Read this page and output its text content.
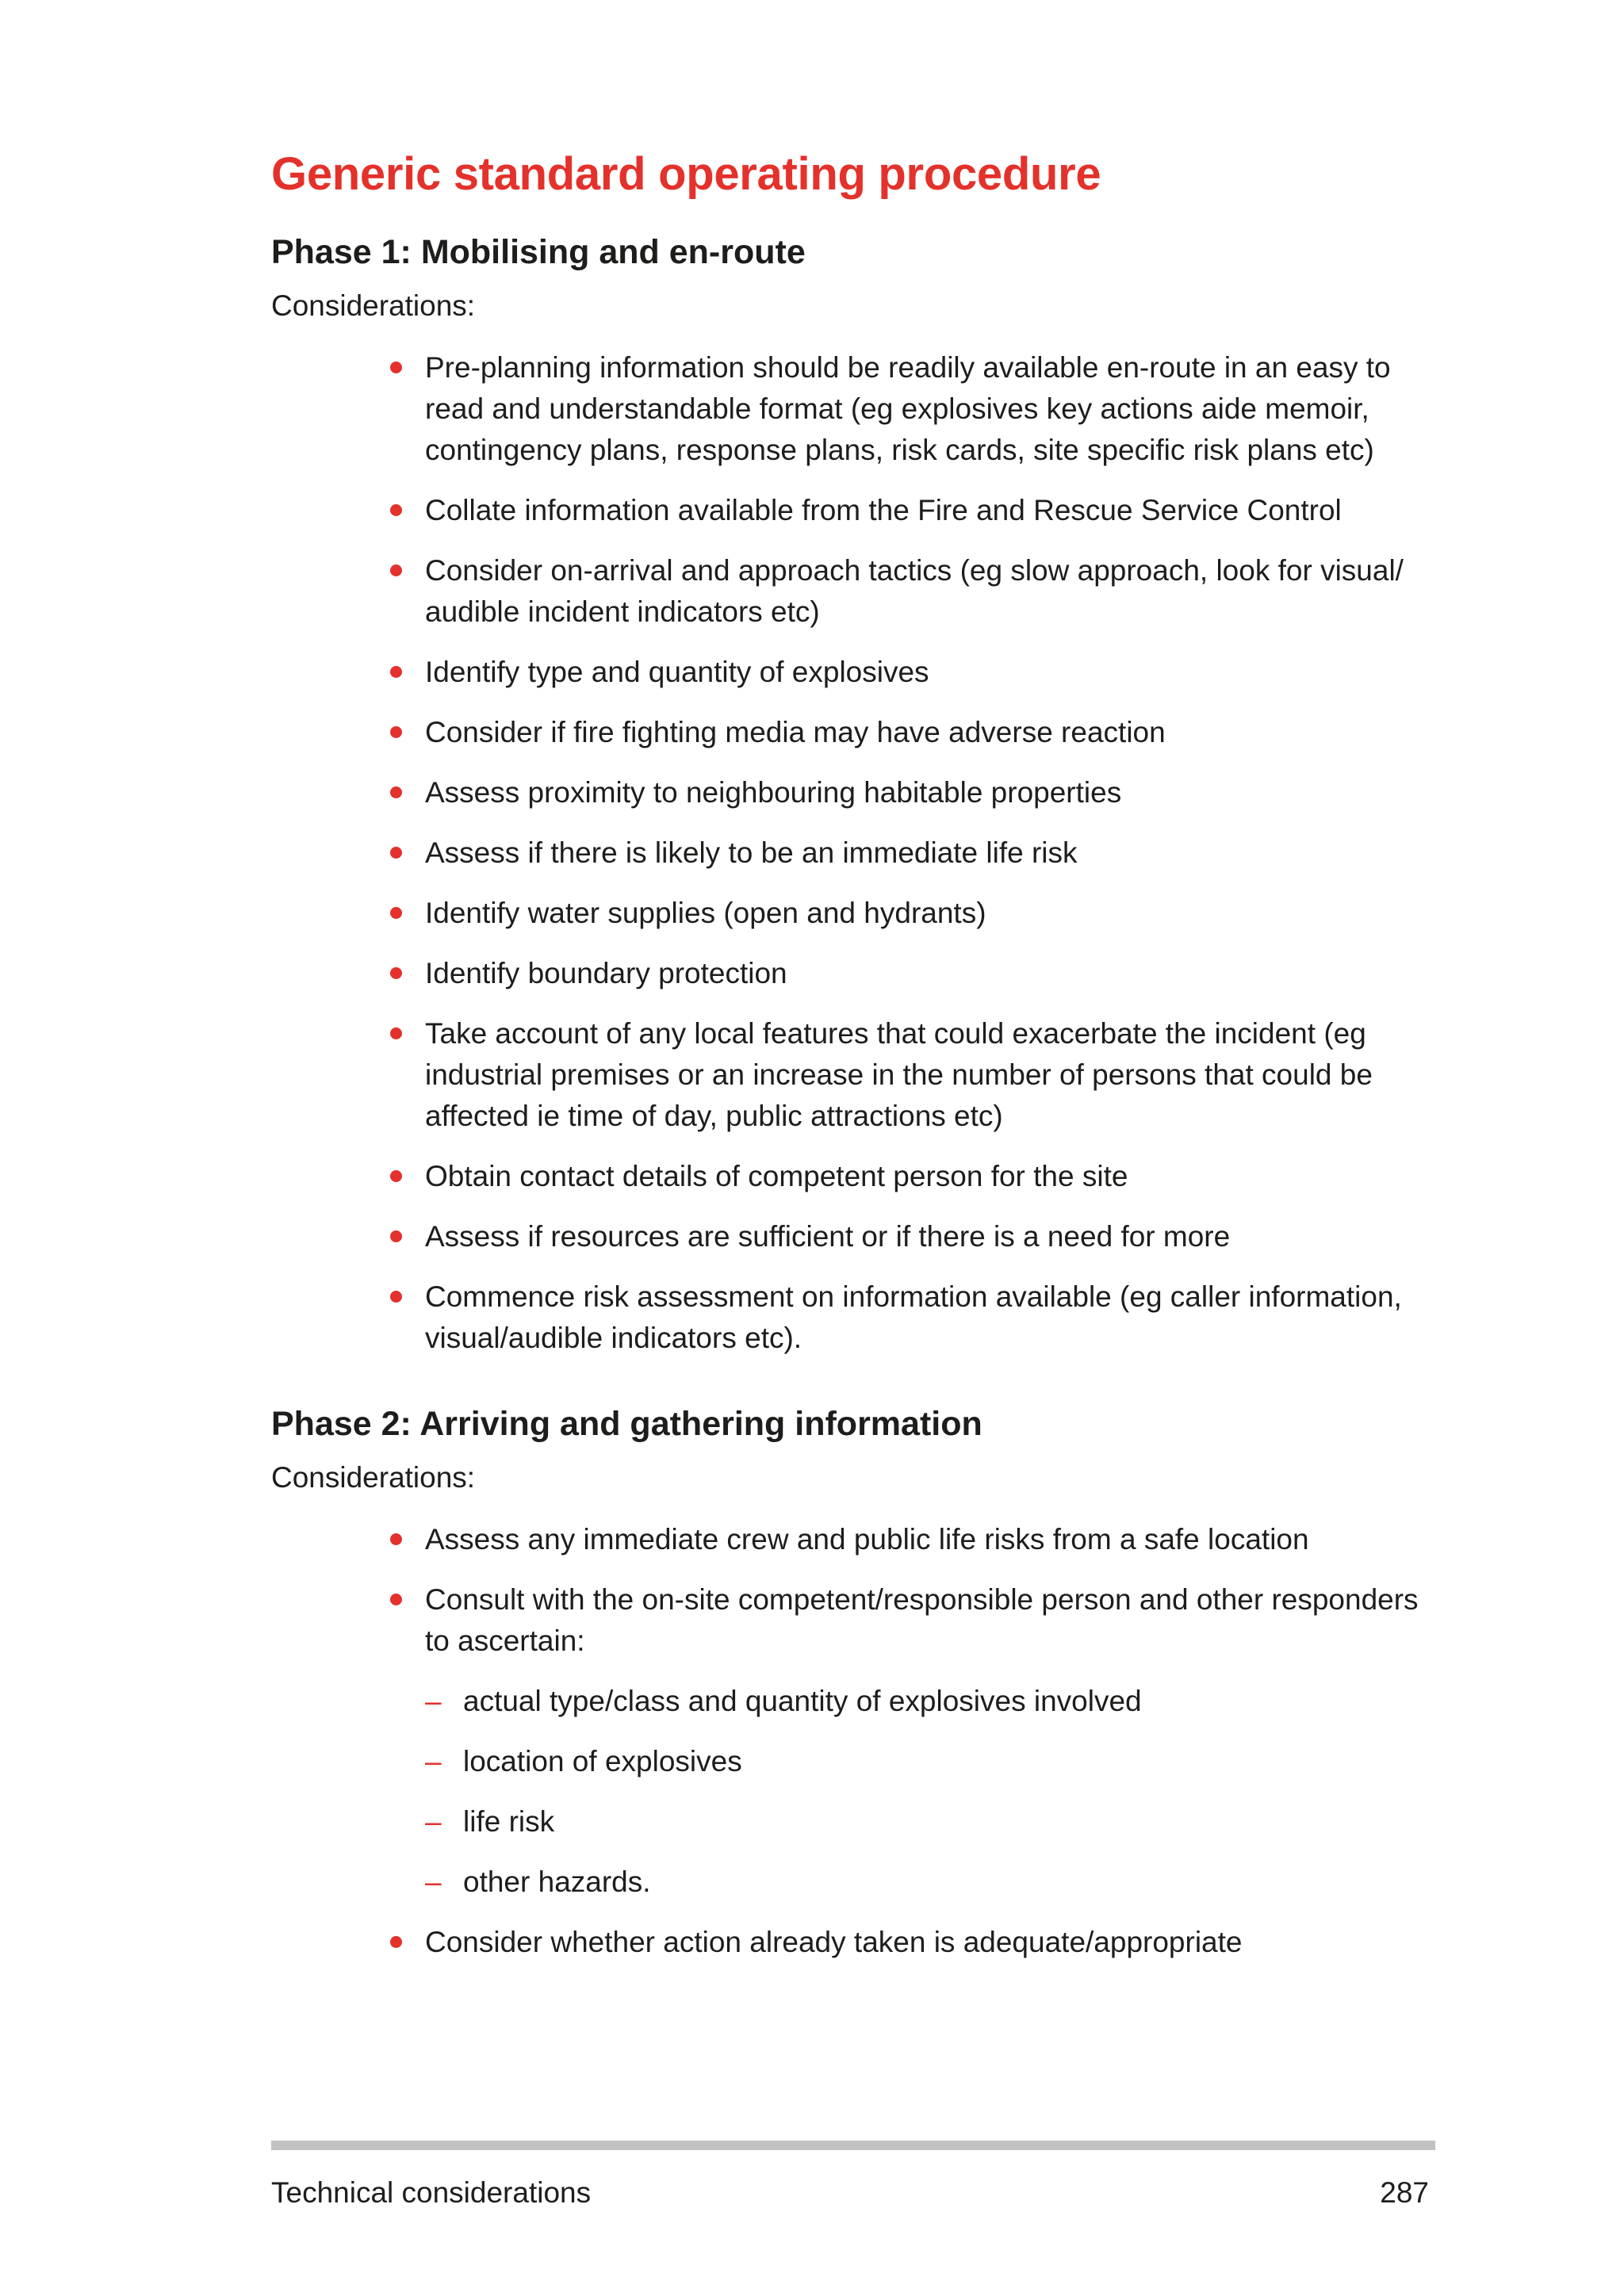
Generic standard operating procedure
Phase 1: Mobilising and en-route

Considerations:

Pre-planning information should be readily available en-route in an easy to read and understandable format (eg explosives key actions aide memoir, contingency plans, response plans, risk cards, site specific risk plans etc)
Collate information available from the Fire and Rescue Service Control
Consider on-arrival and approach tactics (eg slow approach, look for visual/ audible incident indicators etc)
Identify type and quantity of explosives
Consider if fire fighting media may have adverse reaction
Assess proximity to neighbouring habitable properties
Assess if there is likely to be an immediate life risk
Identify water supplies (open and hydrants)
Identify boundary protection
Take account of any local features that could exacerbate the incident (eg industrial premises or an increase in the number of persons that could be affected ie time of day, public attractions etc)
Obtain contact details of competent person for the site
Assess if resources are sufficient or if there is a need for more
Commence risk assessment on information available (eg caller information, visual/audible indicators etc).
Phase 2: Arriving and gathering information

Considerations:

Assess any immediate crew and public life risks from a safe location
Consult with the on-site competent/responsible person and other responders to ascertain:
– actual type/class and quantity of explosives involved
– location of explosives
– life risk
– other hazards.
Consider whether action already taken is adequate/appropriate
Technical considerations	287
